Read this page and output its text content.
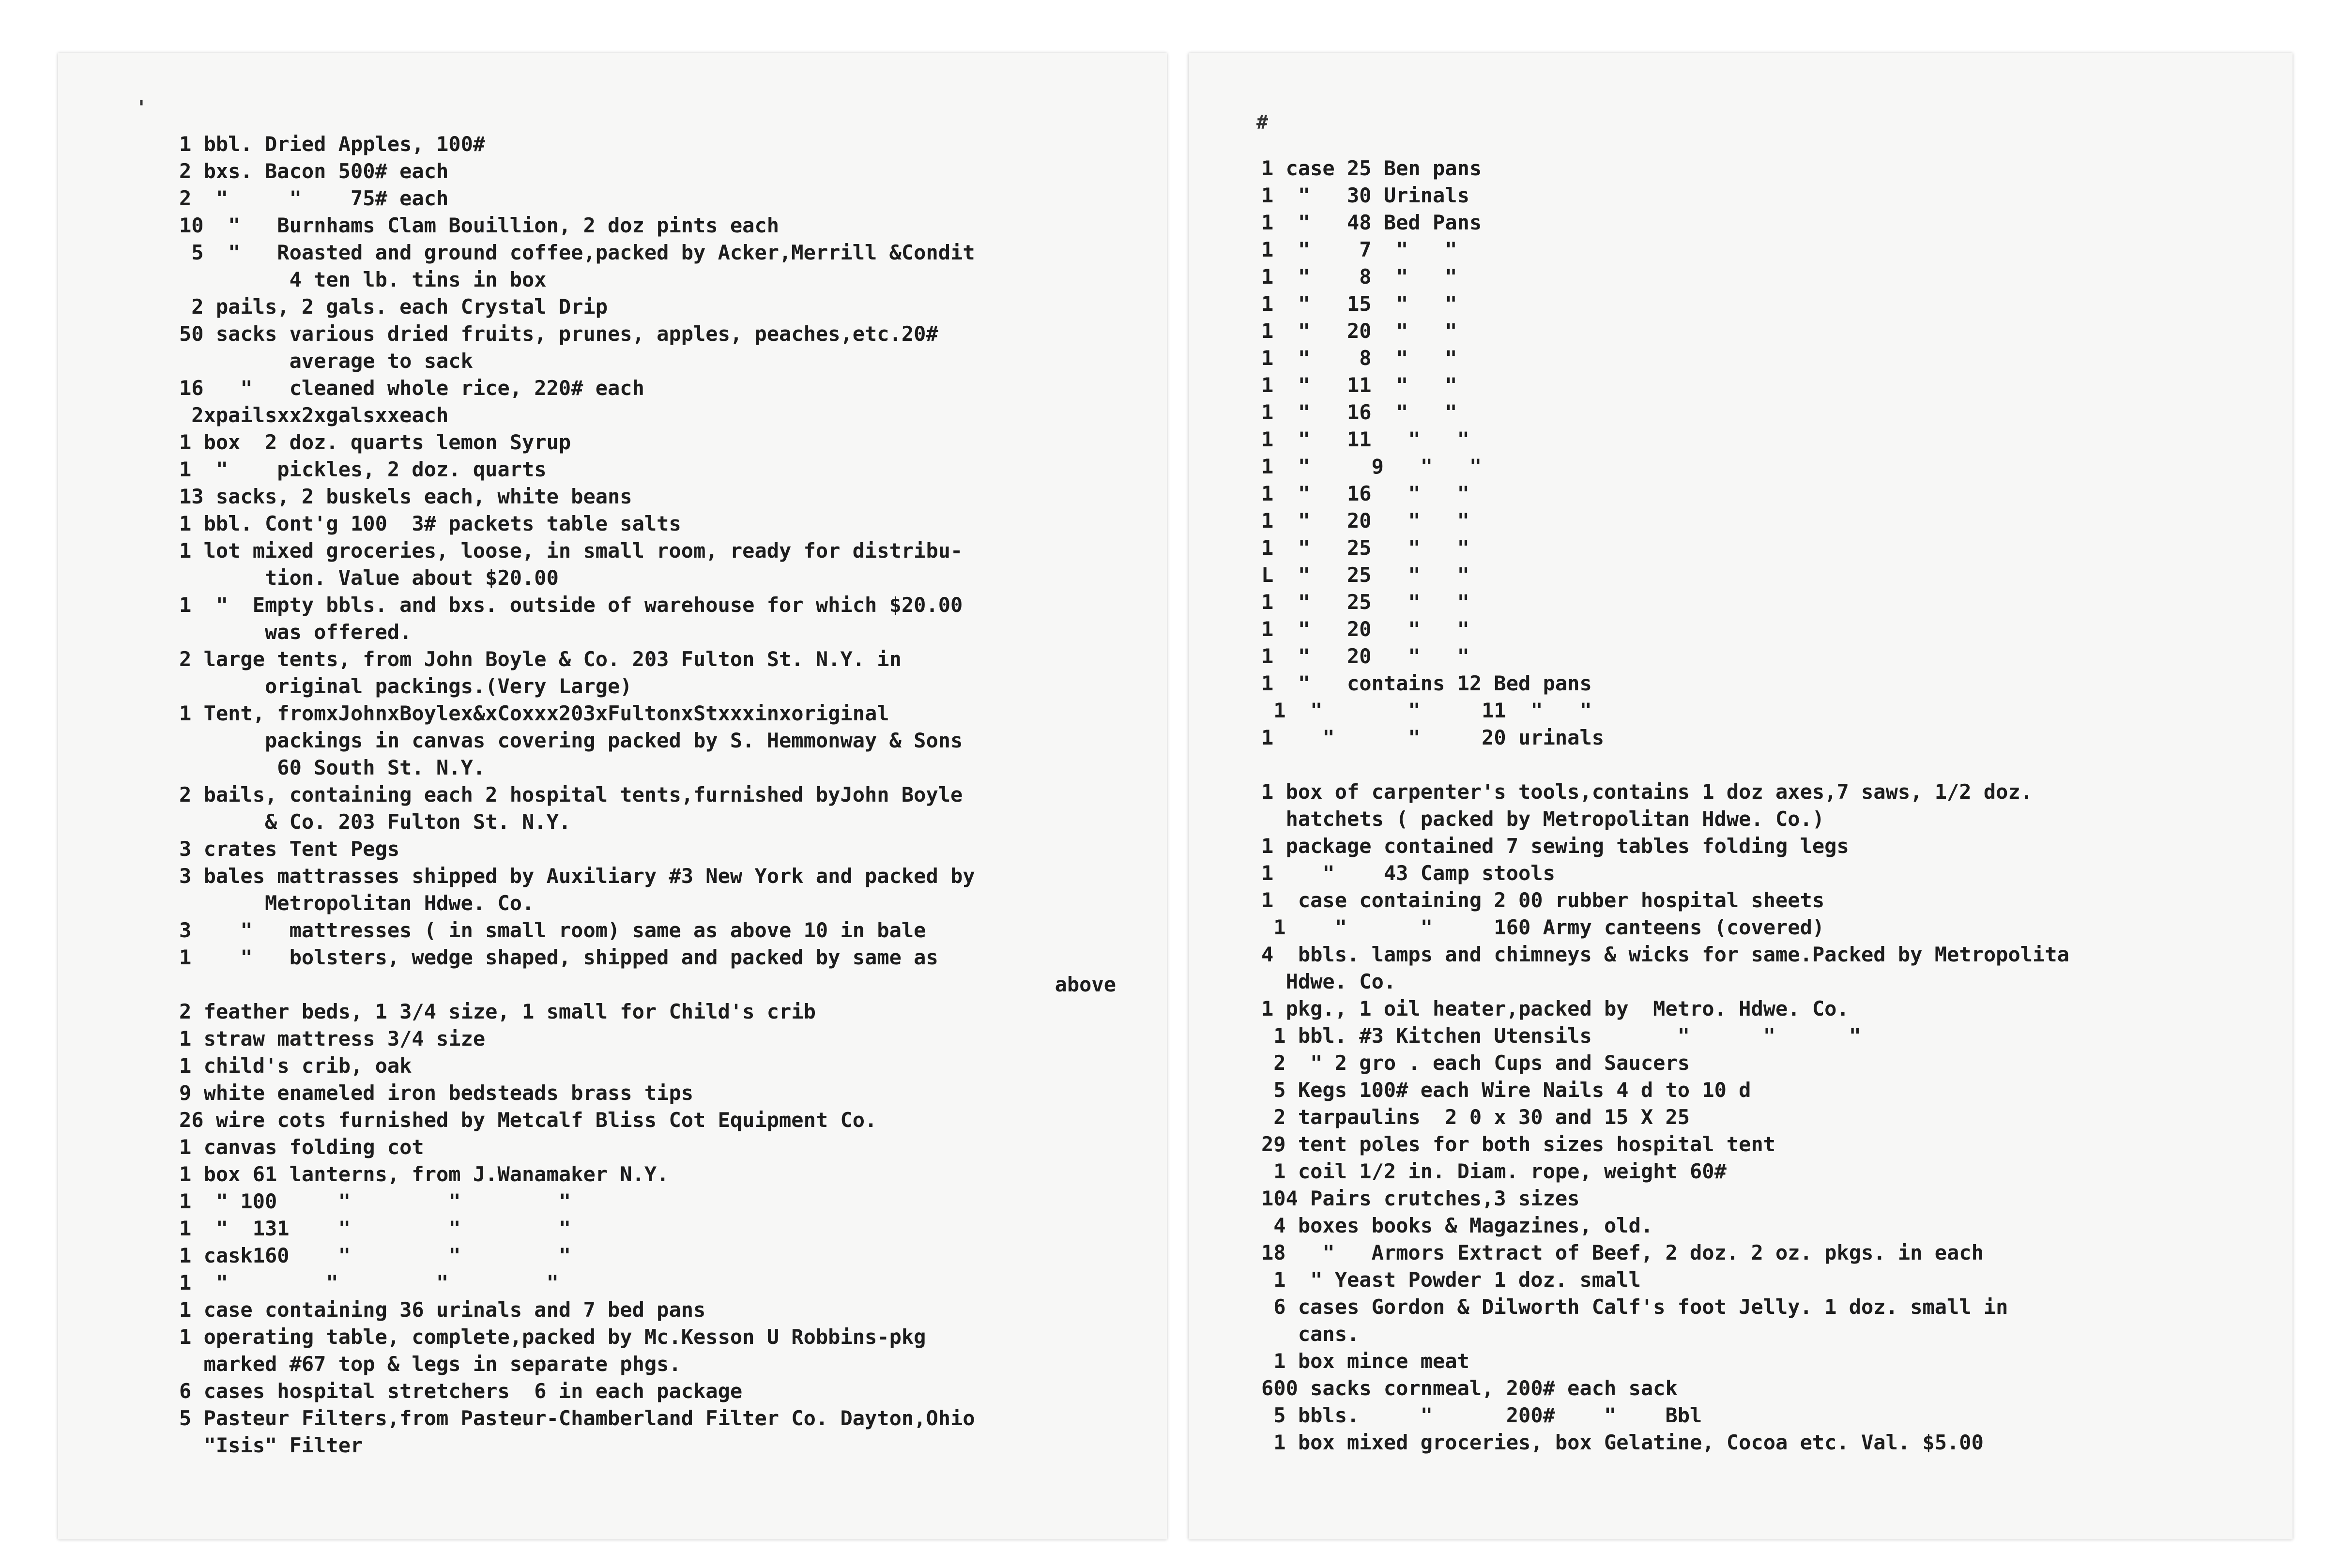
'
1 bbl. Dried Apples, 100#
2 bxs. Bacon 500# each
2  "     "    75# each
10  "   Burnhams Clam Bouillion, 2 doz pints each
5  "   Roasted and ground coffee,packed by Acker,Merrill &Condit
4 ten lb. tins in box
2 pails, 2 gals. each Crystal Drip
50 sacks various dried fruits, prunes, apples, peaches,etc.20#
average to sack
16   "   cleaned whole rice, 220# each
2xpailsxx2xgalsxxeach
1 box  2 doz. quarts lemon Syrup
1  "    pickles, 2 doz. quarts
13 sacks, 2 buskels each, white beans
1 bbl. Cont'g 100  3# packets table salts
1 lot mixed groceries, loose, in small room, ready for distribu-
tion. Value about $20.00
1  "  Empty bbls. and bxs. outside of warehouse for which $20.00
was offered.
2 large tents, from John Boyle & Co. 203 Fulton St. N.Y. in
original packings.(Very Large)
1 Tent, fromxJohnxBoylex&xCoxxx203xFultonxStxxxinxoriginal
packings in canvas covering packed by S. Hemmonway & Sons
60 South St. N.Y.
2 bails, containing each 2 hospital tents,furnished byJohn Boyle
& Co. 203 Fulton St. N.Y.
3 crates Tent Pegs
3 bales mattrasses shipped by Auxiliary #3 New York and packed by
Metropolitan Hdwe. Co.
3    "   mattresses ( in small room) same as above 10 in bale
1    "   bolsters, wedge shaped, shipped and packed by same as
above
2 feather beds, 1 3/4 size, 1 small for Child's crib
1 straw mattress 3/4 size
1 child's crib, oak
9 white enameled iron bedsteads brass tips
26 wire cots furnished by Metcalf Bliss Cot Equipment Co.
1 canvas folding cot
1 box 61 lanterns, from J.Wanamaker N.Y.
1  " 100     "        "        "
1  "  131    "        "        "
1 cask160    "        "        "
1  "        "        "        "
1 case containing 36 urinals and 7 bed pans
1 operating table, complete,packed by Mc.Kesson U Robbins-pkg
marked #67 top & legs in separate phgs.
6 cases hospital stretchers  6 in each package
5 Pasteur Filters,from Pasteur-Chamberland Filter Co. Dayton,Ohio
"Isis" Filter
#
1 case 25 Ben pans
1  "   30 Urinals
1  "   48 Bed Pans
1  "    7  "   "
1  "    8  "   "
1  "   15  "   "
1  "   20  "   "
1  "    8  "   "
1  "   11  "   "
1  "   16  "   "
1  "   11   "   "
1  "     9   "   "
1  "   16   "   "
1  "   20   "   "
1  "   25   "   "
L  "   25   "   "
1  "   25   "   "
1  "   20   "   "
1  "   20   "   "
1  "   contains 12 Bed pans
1  "       "     11  "   "
1    "      "     20 urinals
1 box of carpenter's tools,contains 1 doz axes,7 saws, 1/2 doz.
hatchets ( packed by Metropolitan Hdwe. Co.)
1 package contained 7 sewing tables folding legs
1    "    43 Camp stools
1  case containing 2 00 rubber hospital sheets
1    "      "     160 Army canteens (covered)
4  bbls. lamps and chimneys & wicks for same.Packed by Metropolita
Hdwe. Co.
1 pkg., 1 oil heater,packed by  Metro. Hdwe. Co.
1 bbl. #3 Kitchen Utensils       "      "      "
2  " 2 gro . each Cups and Saucers
5 Kegs 100# each Wire Nails 4 d to 10 d
2 tarpaulins  2 0 x 30 and 15 X 25
29 tent poles for both sizes hospital tent
1 coil 1/2 in. Diam. rope, weight 60#
104 Pairs crutches,3 sizes
4 boxes books & Magazines, old.
18   "   Armors Extract of Beef, 2 doz. 2 oz. pkgs. in each
1  " Yeast Powder 1 doz. small
6 cases Gordon & Dilworth Calf's foot Jelly. 1 doz. small in
cans.
1 box mince meat
600 sacks cornmeal, 200# each sack
5 bbls.     "      200#    "    Bbl
1 box mixed groceries, box Gelatine, Cocoa etc. Val. $5.00
